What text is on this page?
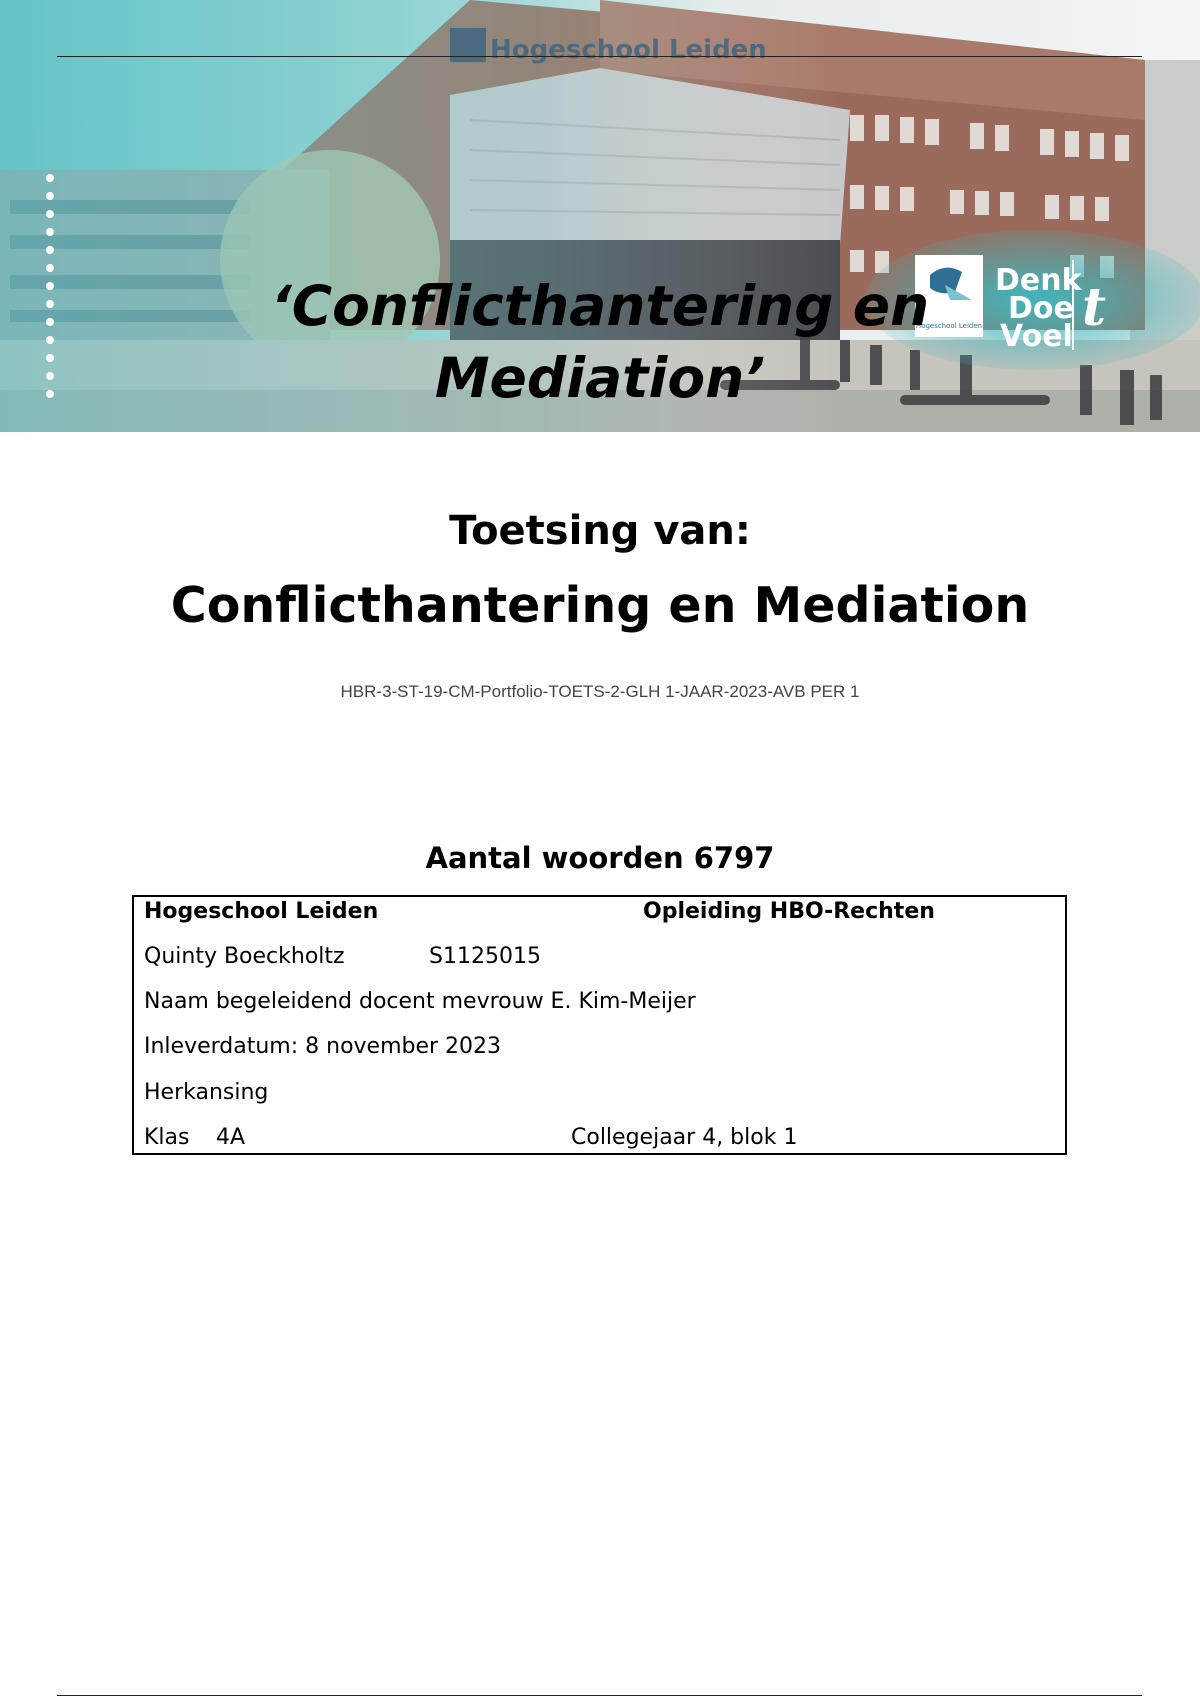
Hogeschool Leiden
Hogeschool Leiden
Denk
Doe
Voel t
‘Conflicthantering en
Mediation’
Toetsing van:
Conflicthantering en Mediation
HBR-3-ST-19-CM-Portfolio-TOETS-2-GLH 1-JAAR-2023-AVB PER 1
Aantal woorden 6797
Hogeschool Leiden	Opleiding HBO-Rechten
Quinty Boeckholtz	S1125015
Naam begeleidend docent mevrouw E. Kim-Meijer
Inleverdatum: 8 november 2023
Herkansing
Klas 4A	Collegejaar 4, blok 1
